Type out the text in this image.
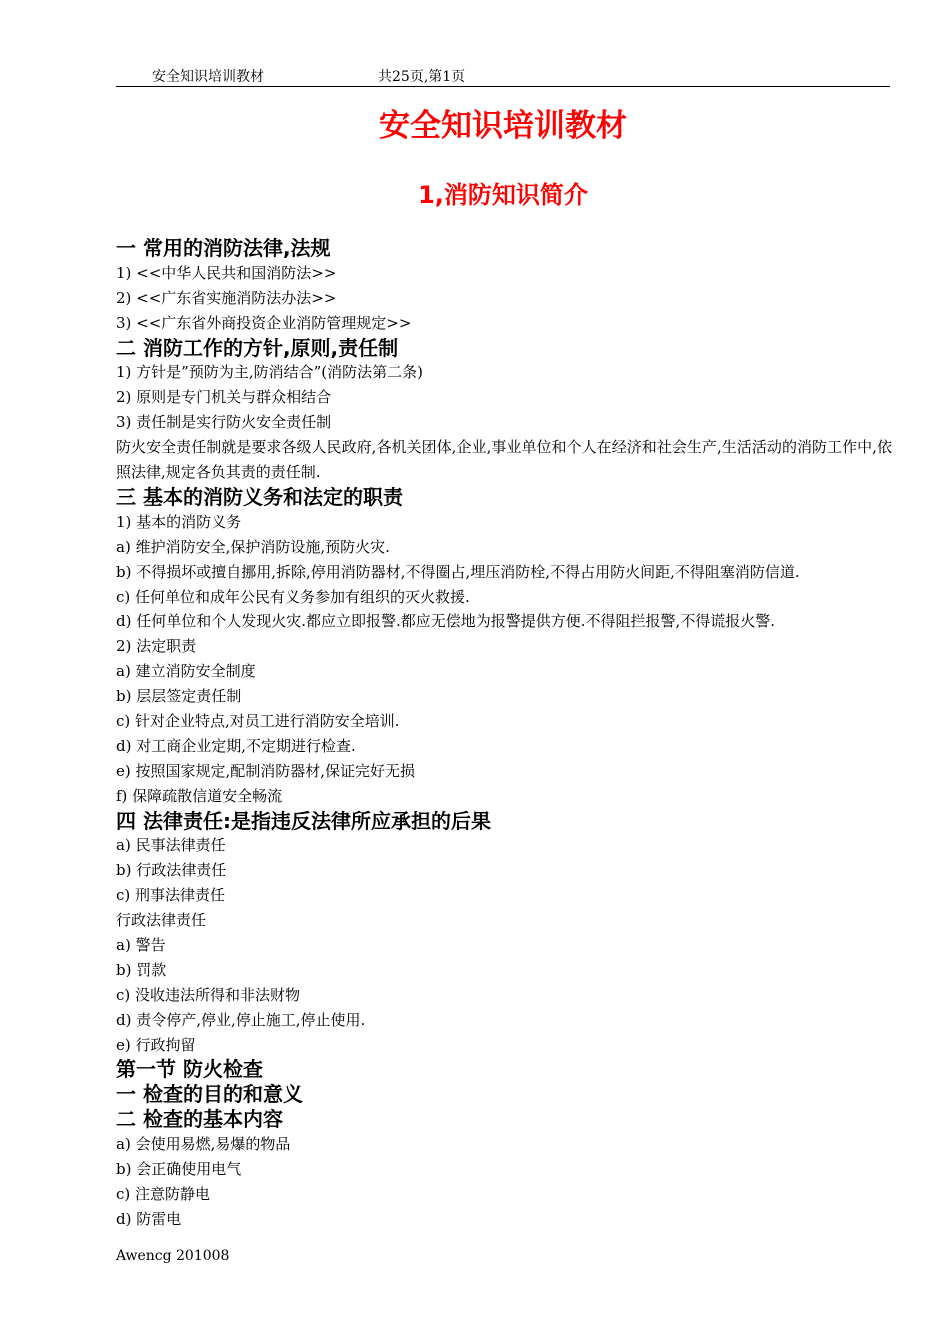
安全知识培训教材	共25页,第1页
安全知识培训教材
1,消防知识简介
一 常用的消防法律,法规
1) <<中华人民共和国消防法>>
2) <<广东省实施消防法办法>>
3) <<广东省外商投资企业消防管理规定>>
二 消防工作的方针,原则,责任制
1) 方针是”预防为主,防消结合”(消防法第二条)
2) 原则是专门机关与群众相结合
3) 责任制是实行防火安全责任制
防火安全责任制就是要求各级人民政府,各机关团体,企业,事业单位和个人在经济和社会生产,生活活动的消防工作中,依照法律,规定各负其责的责任制.
三 基本的消防义务和法定的职责
1) 基本的消防义务
a) 维护消防安全,保护消防设施,预防火灾.
b) 不得损坏或擅自挪用,拆除,停用消防器材,不得圈占,埋压消防栓,不得占用防火间距,不得阻塞消防信道.
c) 任何单位和成年公民有义务参加有组织的灭火救援.
d) 任何单位和个人发现火灾.都应立即报警.都应无偿地为报警提供方便.不得阻拦报警,不得谎报火警.
2) 法定职责
a) 建立消防安全制度
b) 层层签定责任制
c) 针对企业特点,对员工进行消防安全培训.
d) 对工商企业定期,不定期进行检查.
e) 按照国家规定,配制消防器材,保证完好无损
f) 保障疏散信道安全畅流
四 法律责任:是指违反法律所应承担的后果
a) 民事法律责任
b) 行政法律责任
c) 刑事法律责任
行政法律责任
a) 警告
b) 罚款
c) 没收违法所得和非法财物
d) 责令停产,停业,停止施工,停止使用.
e) 行政拘留
第一节 防火检查
一 检查的目的和意义
二 检查的基本内容
a) 会使用易燃,易爆的物品
b) 会正确使用电气
c) 注意防静电
d) 防雷电
Awencg 201008
